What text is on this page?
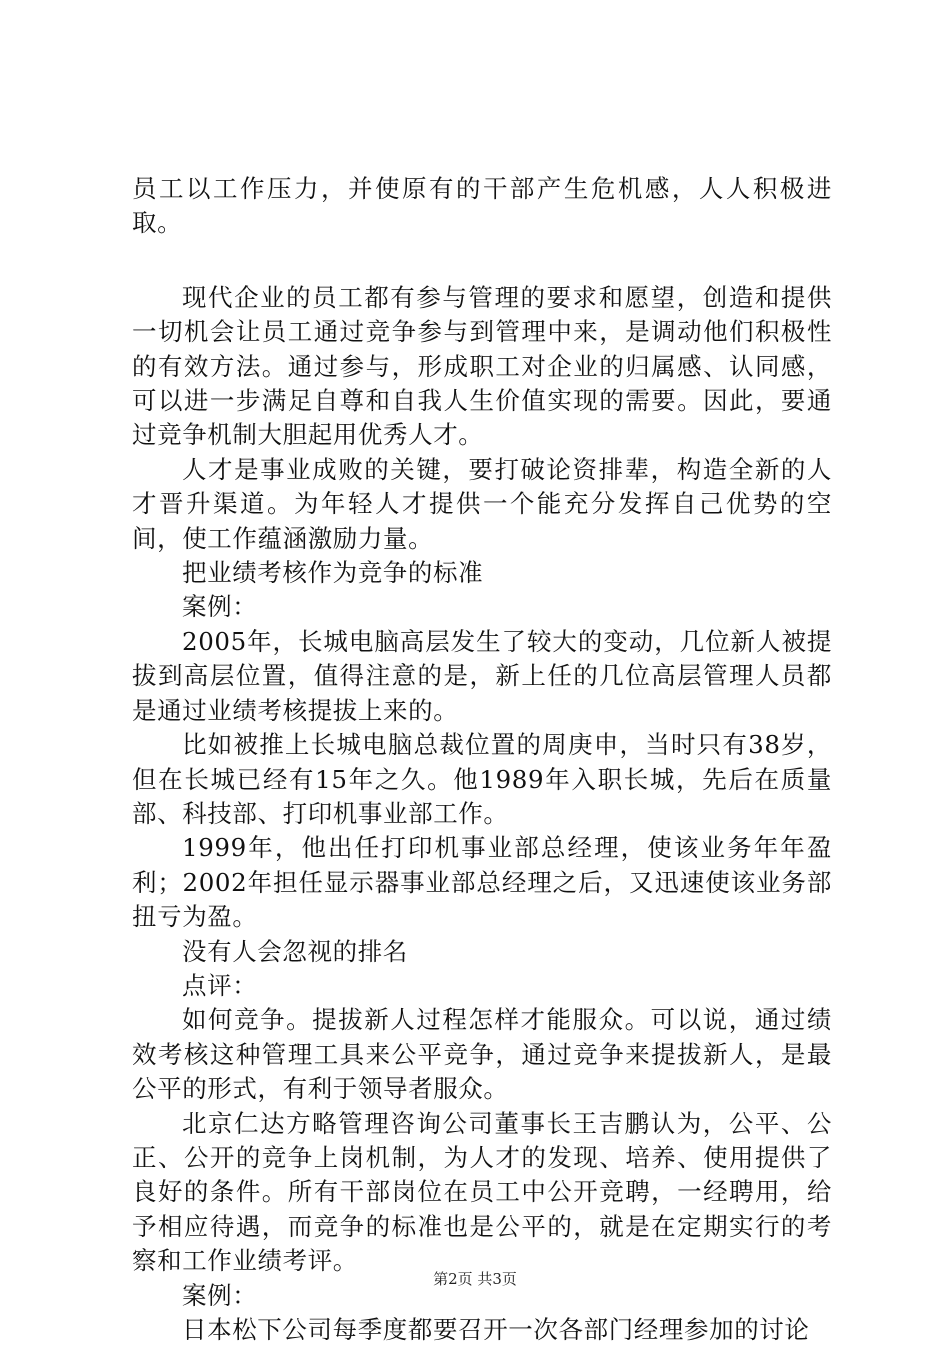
员工以工作压力，并使原有的干部产生危机感，人人积极进取。

现代企业的员工都有参与管理的要求和愿望，创造和提供一切机会让员工通过竞争参与到管理中来，是调动他们积极性的有效方法。通过参与，形成职工对企业的归属感、认同感，可以进一步满足自尊和自我人生价值实现的需要。因此，要通过竞争机制大胆起用优秀人才。

人才是事业成败的关键，要打破论资排辈，构造全新的人才晋升渠道。为年轻人才提供一个能充分发挥自己优势的空间，使工作蕴涵激励力量。

把业绩考核作为竞争的标准

案例：

2005年，长城电脑高层发生了较大的变动，几位新人被提拔到高层位置，值得注意的是，新上任的几位高层管理人员都是通过业绩考核提拔上来的。

比如被推上长城电脑总裁位置的周庚申，当时只有38岁，但在长城已经有15年之久。他1989年入职长城，先后在质量部、科技部、打印机事业部工作。

1999年，他出任打印机事业部总经理，使该业务年年盈利；2002年担任显示器事业部总经理之后，又迅速使该业务部扭亏为盈。

没有人会忽视的排名

点评：

如何竞争。提拔新人过程怎样才能服众。可以说，通过绩效考核这种管理工具来公平竞争，通过竞争来提拔新人，是最公平的形式，有利于领导者服众。

北京仁达方略管理咨询公司董事长王吉鹏认为，公平、公正、公开的竞争上岗机制，为人才的发现、培养、使用提供了良好的条件。所有干部岗位在员工中公开竞聘，一经聘用，给予相应待遇，而竞争的标准也是公平的，就是在定期实行的考察和工作业绩考评。

案例：

日本松下公司每季度都要召开一次各部门经理参加的讨论

第2页 共3页
